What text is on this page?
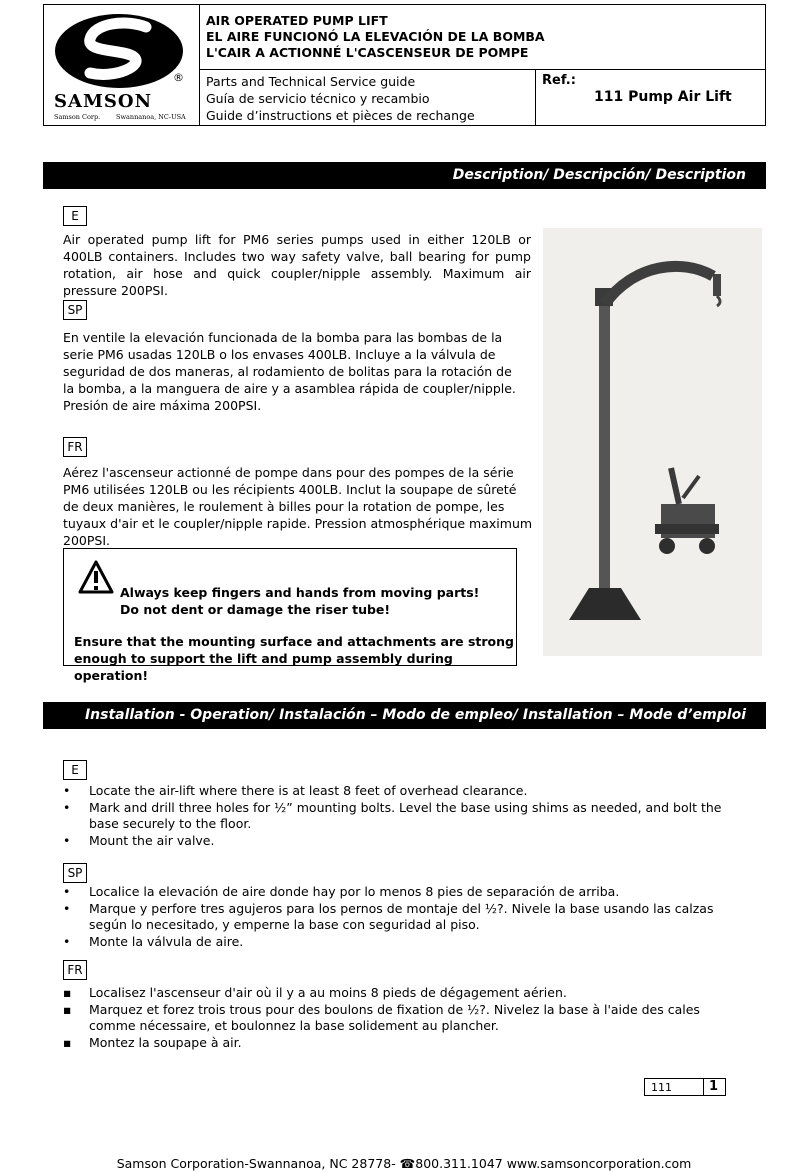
®
SAMSON
Samson Corp. Swannanoa, NC-USA
AIR OPERATED PUMP LIFT
EL AIRE FUNCIONÓ LA ELEVACIÓN DE LA BOMBA
L'CAIR A ACTIONNÉ L'CASCENSEUR DE POMPE
Parts and Technical Service guide
Guía de servicio técnico y recambio
Guide d’instructions et pièces de rechange
Ref.:
111 Pump Air Lift
Description/ Descripción/ Description
E
Air operated pump lift for PM6 series pumps used in either 120LB or 400LB containers. Includes two way safety valve, ball bearing for pump rotation, air hose and quick coupler/nipple assembly. Maximum air pressure 200PSI.
SP
En ventile la elevación funcionada de la bomba para las bombas de la serie PM6 usadas 120LB o los envases 400LB. Incluye a la válvula de seguridad de dos maneras, al rodamiento de bolitas para la rotación de la bomba, a la manguera de aire y a asamblea rápida de coupler/nipple. Presión de aire máxima 200PSI.
FR
Aérez l'ascenseur actionné de pompe dans pour des pompes de la série PM6 utilisées 120LB ou les récipients 400LB. Inclut la soupape de sûreté de deux manières, le roulement à billes pour la rotation de pompe, les tuyaux d'air et le coupler/nipple rapide. Pression atmosphérique maximum 200PSI.
Always keep fingers and hands from moving parts!
Do not dent or damage the riser tube!
Ensure that the mounting surface and attachments are strong
enough to support the lift and pump assembly during operation!
Installation - Operation/ Instalación – Modo de empleo/ Installation – Mode d’emploi
E
•	Locate the air-lift where there is at least 8 feet of overhead clearance.
•	Mark and drill three holes for ½” mounting bolts. Level the base using shims as needed, and bolt the base securely to the floor.
•	Mount the air valve.
SP
•	Localice la elevación de aire donde hay por lo menos 8 pies de separación de arriba.
•	Marque y perfore tres agujeros para los pernos de montaje del ½?. Nivele la base usando las calzas según lo necesitado, y emperne la base con seguridad al piso.
•	Monte la válvula de aire.
FR
▪	Localisez l'ascenseur d'air où il y a au moins 8 pieds de dégagement aérien.
▪	Marquez et forez trois trous pour des boulons de fixation de ½?. Nivelez la base à l'aide des cales comme nécessaire, et boulonnez la base solidement au plancher.
▪	Montez la soupape à air.
111	1
Samson Corporation-Swannanoa, NC 28778- ☎800.311.1047 www.samsoncorporation.com
